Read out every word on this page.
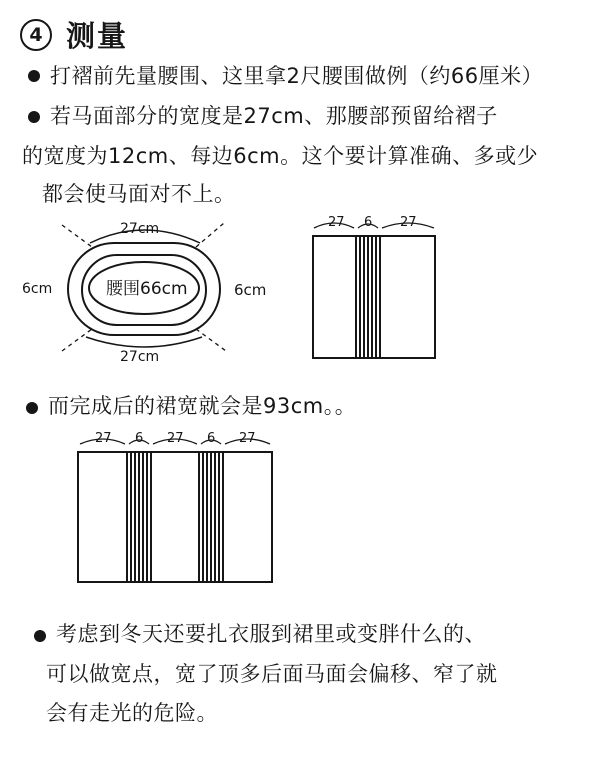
4 测量
打褶前先量腰围、这里拿2尺腰围做例（约66厘米）
若马面部分的宽度是27cm、那腰部预留给褶子
的宽度为12cm、每边6cm。这个要计算准确、多或少
都会使马面对不上。
腰围66cm
27cm
27cm
6cm	6cm
27 6 27
而完成后的裙宽就会是93cm。。
27 6 27 6 27
考虑到冬天还要扎衣服到裙里或变胖什么的、
可以做宽点，宽了顶多后面马面会偏移、窄了就
会有走光的危险。
